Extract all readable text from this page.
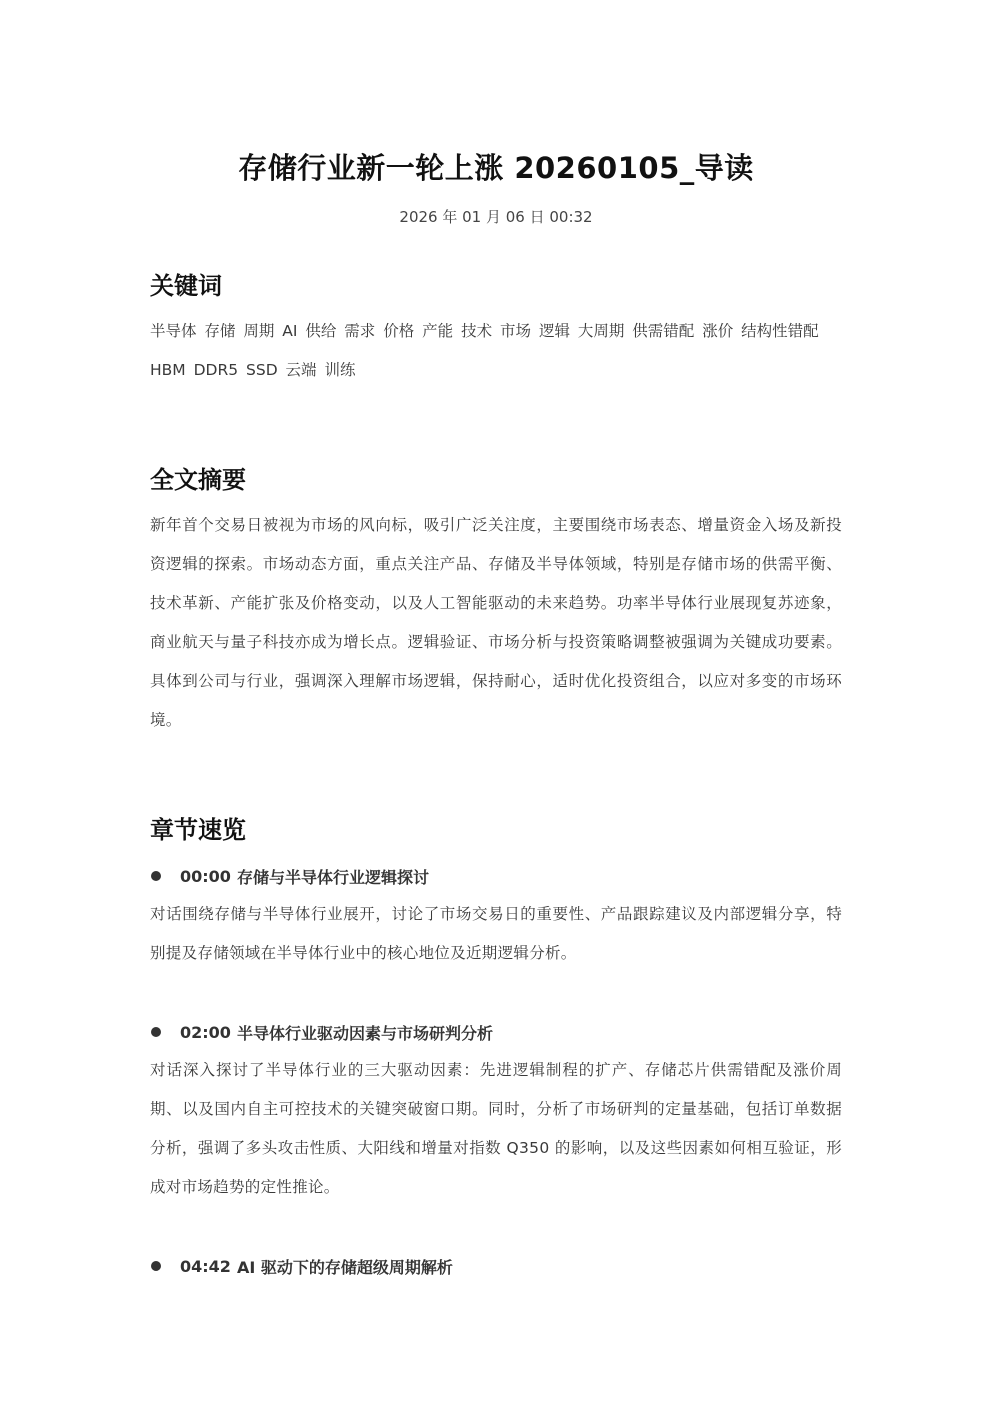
存储行业新一轮上涨 20260105_导读
2026 年 01 月 06 日 00:32
关键词
半导体 存储 周期 AI 供给 需求 价格 产能 技术 市场 逻辑 大周期 供需错配 涨价 结构性错配 HBM DDR5 SSD 云端 训练
全文摘要
新年首个交易日被视为市场的风向标，吸引广泛关注度，主要围绕市场表态、增量资金入场及新投资逻辑的探索。市场动态方面，重点关注产品、存储及半导体领域，特别是存储市场的供需平衡、技术革新、产能扩张及价格变动，以及人工智能驱动的未来趋势。功率半导体行业展现复苏迹象，商业航天与量子科技亦成为增长点。逻辑验证、市场分析与投资策略调整被强调为关键成功要素。具体到公司与行业，强调深入理解市场逻辑，保持耐心，适时优化投资组合，以应对多变的市场环境。
章节速览
00:00 存储与半导体行业逻辑探讨
对话围绕存储与半导体行业展开，讨论了市场交易日的重要性、产品跟踪建议及内部逻辑分享，特别提及存储领域在半导体行业中的核心地位及近期逻辑分析。
02:00 半导体行业驱动因素与市场研判分析
对话深入探讨了半导体行业的三大驱动因素：先进逻辑制程的扩产、存储芯片供需错配及涨价周期、以及国内自主可控技术的关键突破窗口期。同时，分析了市场研判的定量基础，包括订单数据分析，强调了多头攻击性质、大阳线和增量对指数 Q350 的影响，以及这些因素如何相互验证，形成对市场趋势的定性推论。
04:42 AI 驱动下的存储超级周期解析
